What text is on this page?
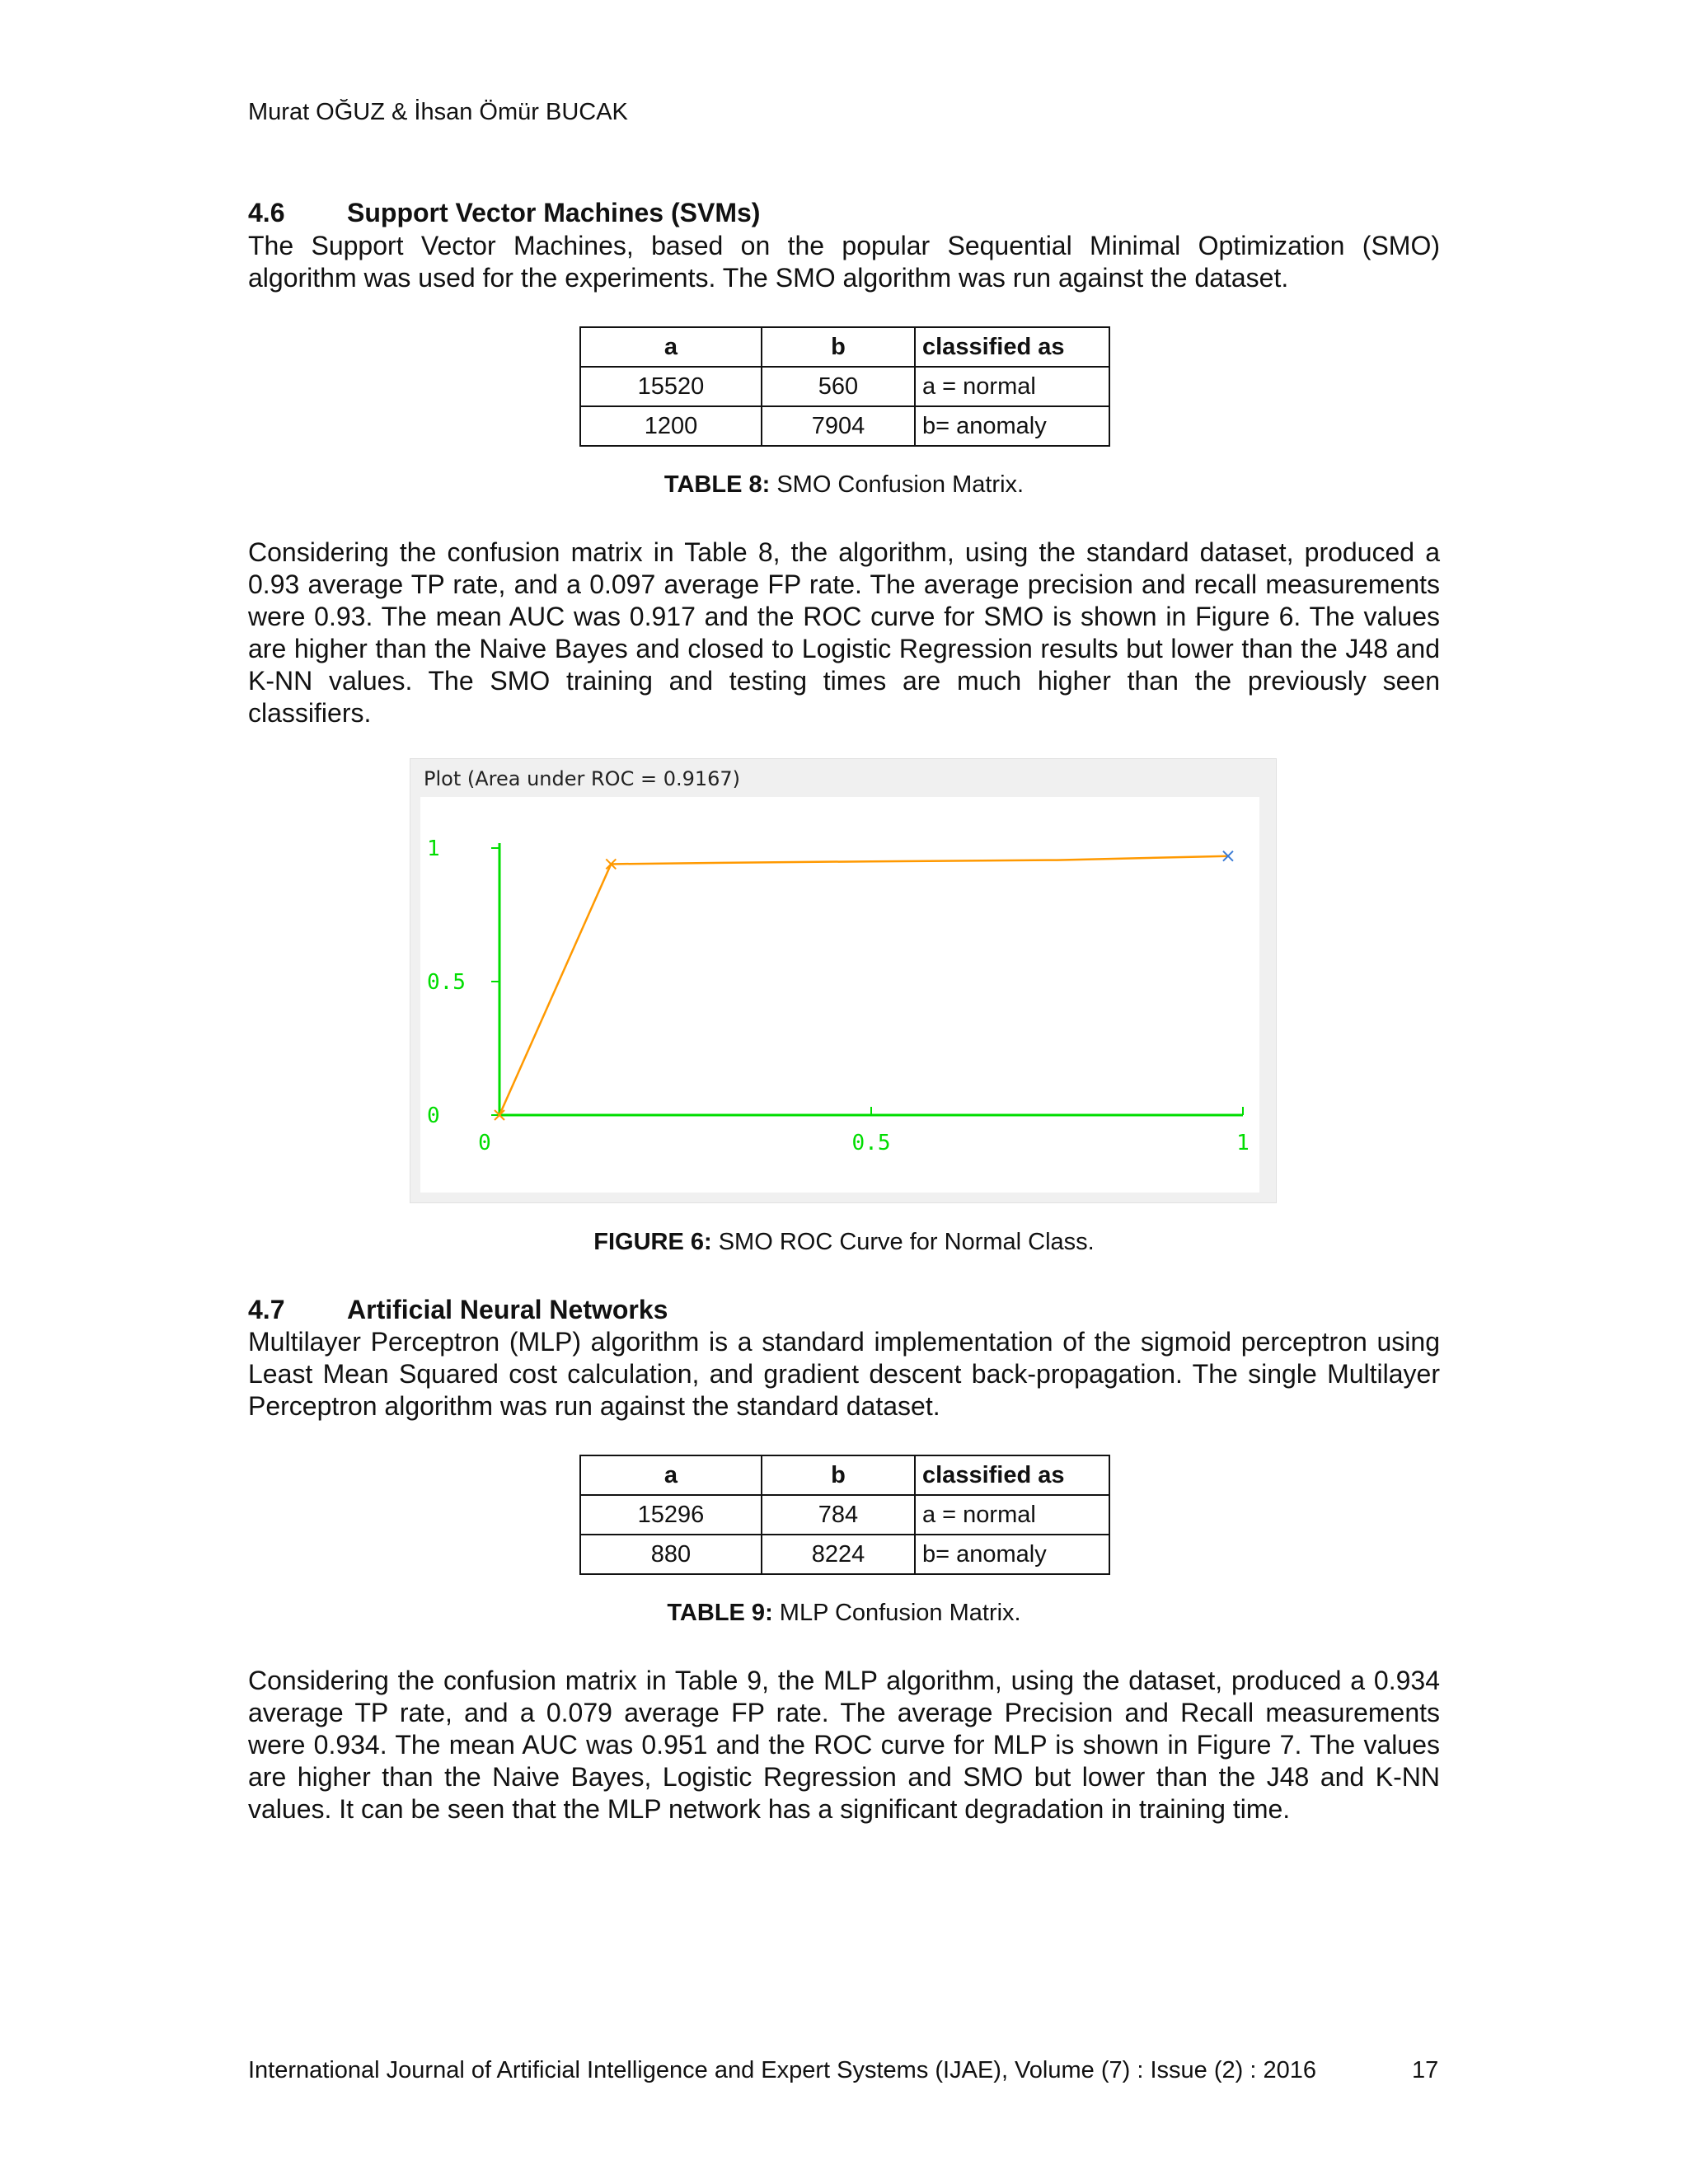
Murat OĞUZ & İhsan Ömür BUCAK
4.6 Support Vector Machines (SVMs)

The Support Vector Machines, based on the popular Sequential Minimal Optimization (SMO) algorithm was used for the experiments. The SMO algorithm was run against the dataset.

a	b	classified as
15520	560	a = normal
1200	7904	b= anomaly
TABLE 8: SMO Confusion Matrix.

Considering the confusion matrix in Table 8, the algorithm, using the standard dataset, produced a 0.93 average TP rate, and a 0.097 average FP rate. The average precision and recall measurements were 0.93. The mean AUC was 0.917 and the ROC curve for SMO is shown in Figure 6. The values are higher than the Naive Bayes and closed to Logistic Regression results but lower than the J48 and K-NN values. The SMO training and testing times are much higher than the previously seen classifiers.

0	0.5	1
0
0.5
1
Plot (Area under ROC = 0.9167)
FIGURE 6: SMO ROC Curve for Normal Class.
4.7 Artificial Neural Networks

Multilayer Perceptron (MLP) algorithm is a standard implementation of the sigmoid perceptron using Least Mean Squared cost calculation, and gradient descent back-propagation. The single Multilayer Perceptron algorithm was run against the standard dataset.

a	b	classified as
15296	784	a = normal
880	8224	b= anomaly
TABLE 9: MLP Confusion Matrix.

Considering the confusion matrix in Table 9, the MLP algorithm, using the dataset, produced a 0.934 average TP rate, and a 0.079 average FP rate. The average Precision and Recall measurements were 0.934. The mean AUC was 0.951 and the ROC curve for MLP is shown in Figure 7. The values are higher than the Naive Bayes, Logistic Regression and SMO but lower than the J48 and K-NN values. It can be seen that the MLP network has a significant degradation in training time.

International Journal of Artificial Intelligence and Expert Systems (IJAE), Volume (7) : Issue (2) : 2016	17
